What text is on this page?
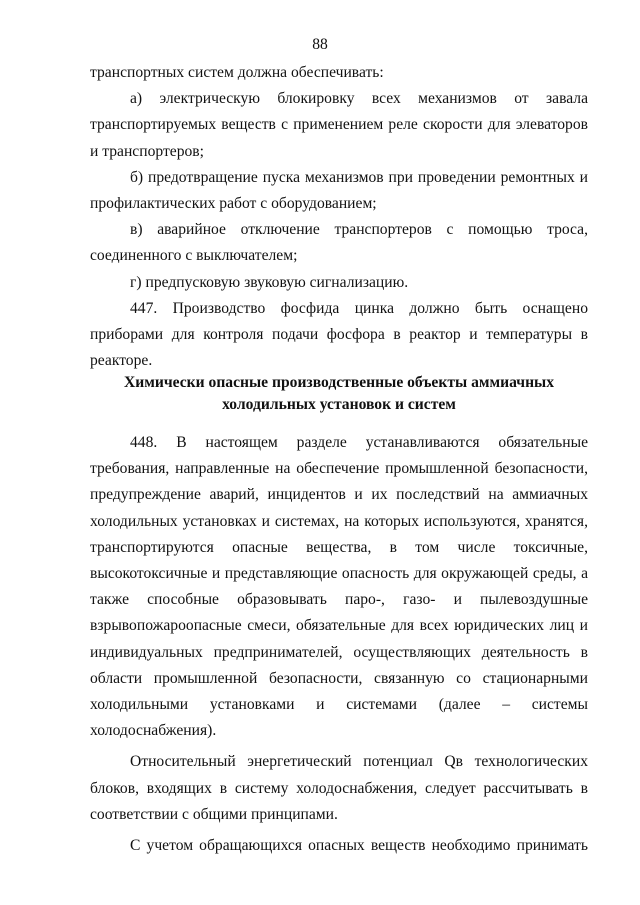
88

транспортных систем должна обеспечивать:

а) электрическую блокировку всех механизмов от завала транспортируемых веществ с применением реле скорости для элеваторов и транспортеров;

б) предотвращение пуска механизмов при проведении ремонтных и профилактических работ с оборудованием;

в) аварийное отключение транспортеров с помощью троса, соединенного с выключателем;

г) предпусковую звуковую сигнализацию.

447. Производство фосфида цинка должно быть оснащено приборами для контроля подачи фосфора в реактор и температуры в реакторе.

Химически опасные производственные объекты аммиачных
холодильных установок и систем

448. В настоящем разделе устанавливаются обязательные требования, направленные на обеспечение промышленной безопасности, предупреждение аварий, инцидентов и их последствий на аммиачных холодильных установках и системах, на которых используются, хранятся, транспортируются опасные вещества, в том числе токсичные, высокотоксичные и представляющие опасность для окружающей среды, а также способные образовывать паро-, газо- и пылевоздушные взрывопожароопасные смеси, обязательные для всех юридических лиц и индивидуальных предпринимателей, осуществляющих деятельность в области промышленной безопасности, связанную со стационарными холодильными установками и системами (далее – системы холодоснабжения).

Относительный энергетический потенциал Qв технологических блоков, входящих в систему холодоснабжения, следует рассчитывать в соответствии с общими принципами.

С учетом обращающихся опасных веществ необходимо принимать
